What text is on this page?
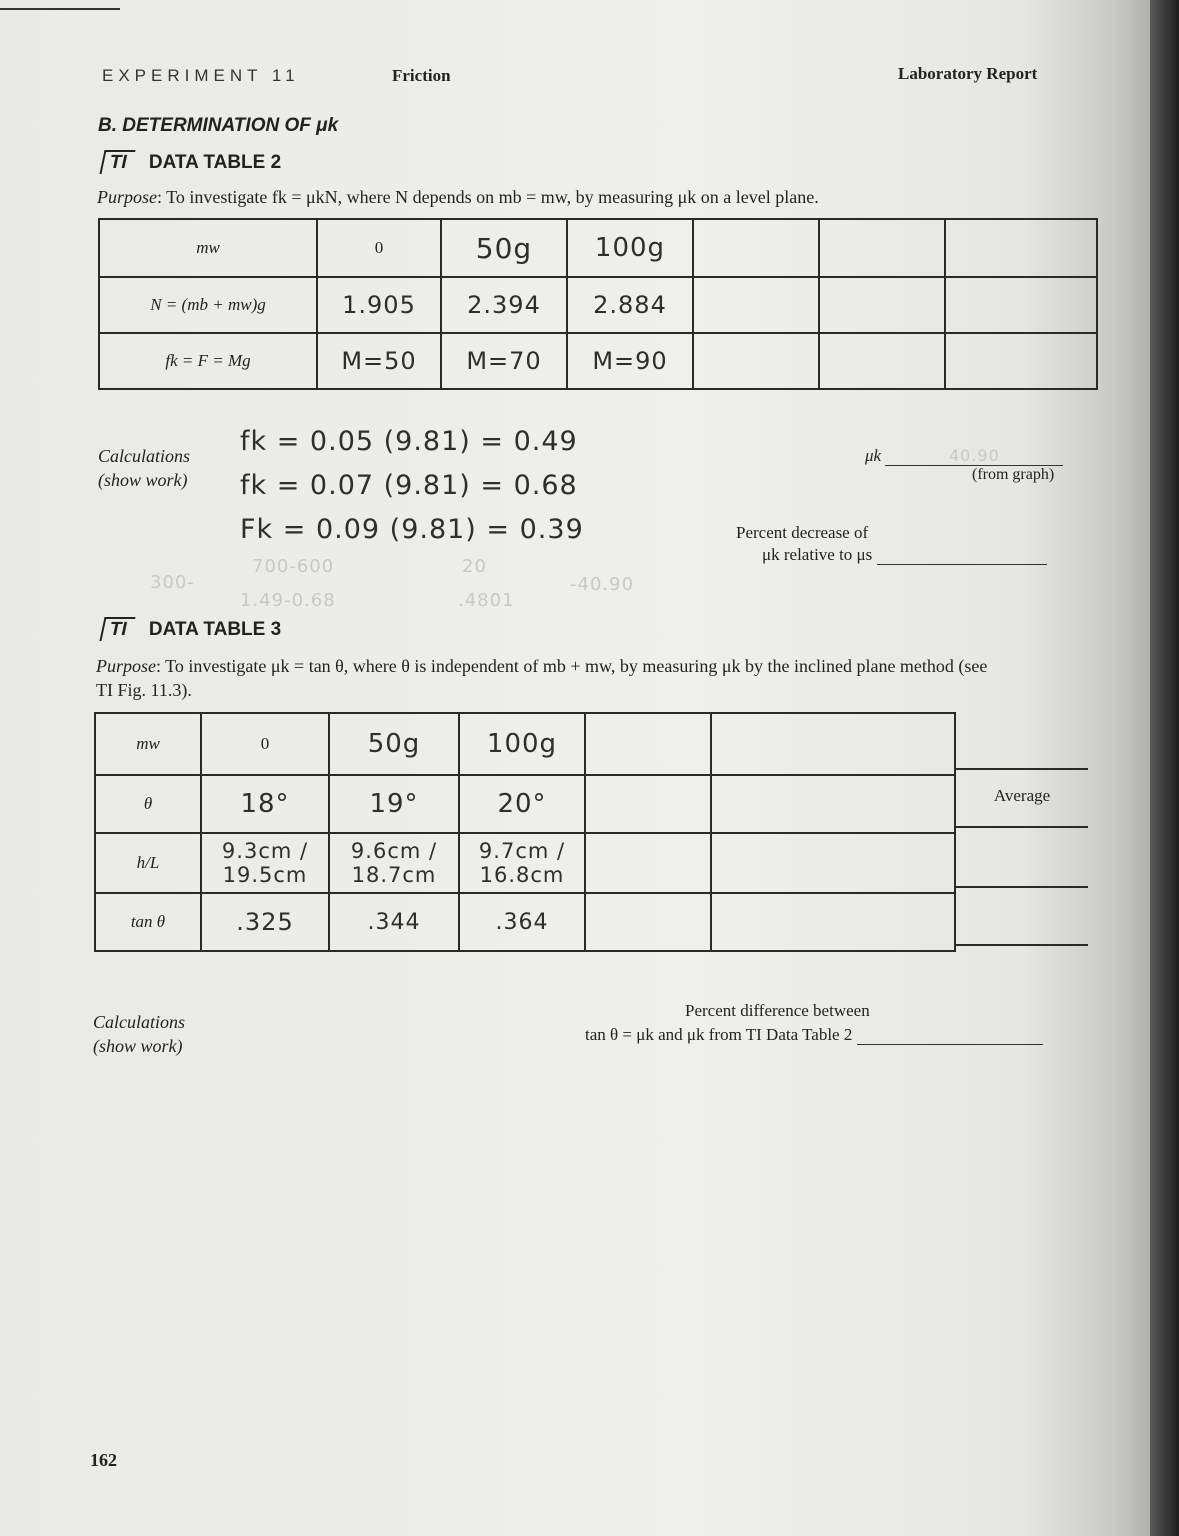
EXPERIMENT 11	Friction	Laboratory Report
B. DETERMINATION OF μk
TI DATA TABLE 2
Purpose: To investigate fk = μkN, where N depends on mb = mw, by measuring μk on a level plane.
mw	0	50g	100g			
N = (mb + mw)g	1.905	2.394	2.884			
fk = F = Mg	M=50	M=70	M=90			
Calculations
(show work)
fk = 0.05 (9.81) = 0.49
fk = 0.07 (9.81) = 0.68
Fk = 0.09 (9.81) = 0.39
700-600	20
1.49-0.68	.4801
-40.90
300-
μk	40.90
(from graph)
Percent decrease of
μk relative to μs
TI DATA TABLE 3
Purpose: To investigate μk = tan θ, where θ is independent of mb + mw, by measuring μk by the inclined plane method (see
TI Fig. 11.3).
mw	0	50g	100g		
θ	18°	19°	20°		
h/L	9.3cm / 19.5cm	9.6cm / 18.7cm	9.7cm / 16.8cm		
tan θ	.325	.344	.364		
Average

Calculations
(show work)
Percent difference between
tan θ = μk and μk from TI Data Table 2
162
